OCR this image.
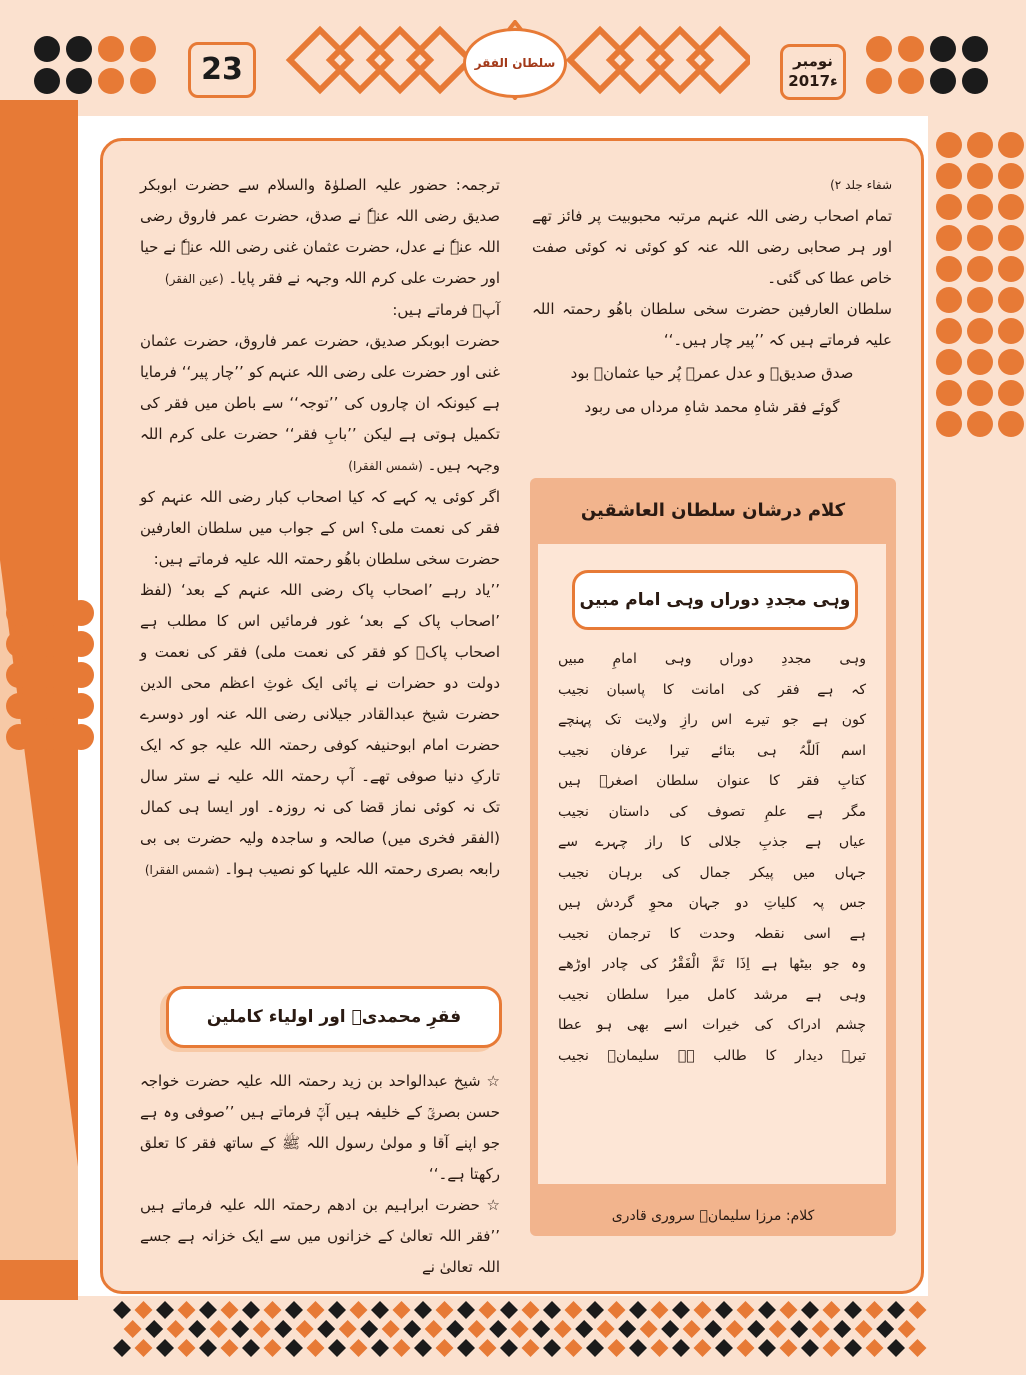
23	نومبر
2017ء
سلطان الفقر

شفاء جلد ۲)

تمام اصحاب رضی اللہ عنہم مرتبہ محبوبیت پر فائز تھے اور ہر صحابی رضی اللہ عنہ کو کوئی نہ کوئی صفت خاص عطا کی گئی۔

سلطان العارفین حضرت سخی سلطان باھُو رحمتہ اللہ علیہ فرماتے ہیں کہ ’’پیر چار ہیں۔‘‘

صدق صدیقؓ و عدل عمرؓ پُر حیا عثمانؓ بود

گوئے فقر شاہِ محمد شاہِ مرداں می ربود

کلام درشان سلطان العاشقین
وہی مجددِ دوراں وہی امام مبیں
وہی مجددِ دوراں وہی امامِ مبیں
کہ ہے فقر کی امانت کا پاسبان نجیب
کون ہے جو تیرے اس رازِ ولایت تک پہنچے
اسم اَللّٰہُ ہی بتائے تیرا عرفان نجیب
کتابِ فقر کا عنوان سلطان اصغرؒ ہیں
مگر ہے علمِ تصوف کی داستان نجیب
عیاں ہے جذبِ جلالی کا راز چہرے سے
جہاں میں پیکر جمال کی برہان نجیب
جس پہ کلیاتِ دو جہان محوِ گردش ہیں
ہے اسی نقطہ وحدت کا ترجمان نجیب
وہ جو بیٹھا ہے اِذَا تَمَّ الْفَقْرُ کی چادر اوڑھے
وہی ہے مرشد کامل میرا سلطان نجیب
چشم ادراک کی خیرات اسے بھی ہو عطا
تیرے دیدار کا طالب ہے سلیمانؔ نجیب
کلام: مرزا سلیمانؔ سروری قادری

ترجمہ: حضور علیہ الصلوٰۃ والسلام سے حضرت ابوبکر صدیق رضی اللہ عنہٗ نے صدق، حضرت عمر فاروق رضی اللہ عنہٗ نے عدل، حضرت عثمان غنی رضی اللہ عنہٗ نے حیا اور حضرت علی کرم اللہ وجہہ نے فقر پایا۔ (عین الفقر)

آپؒ فرماتے ہیں:

حضرت ابوبکر صدیق، حضرت عمر فاروق، حضرت عثمان غنی اور حضرت علی رضی اللہ عنہم کو ’’چار پیر‘‘ فرمایا ہے کیونکہ ان چاروں کی ’’توجہ‘‘ سے باطن میں فقر کی تکمیل ہوتی ہے لیکن ’’بابِ فقر‘‘ حضرت علی کرم اللہ وجہہ ہیں۔ (شمس الفقرا)

اگر کوئی یہ کہے کہ کیا اصحاب کبار رضی اللہ عنہم کو فقر کی نعمت ملی؟ اس کے جواب میں سلطان العارفین حضرت سخی سلطان باھُو رحمتہ اللہ علیہ فرماتے ہیں:

’’یاد رہے ’اصحاب پاک رضی اللہ عنہم کے بعد‘ (لفظ ’اصحاب پاک کے بعد‘ غور فرمائیں اس کا مطلب ہے اصحاب پاکؓ کو فقر کی نعمت ملی) فقر کی نعمت و دولت دو حضرات نے پائی ایک غوثِ اعظم محی الدین حضرت شیخ عبدالقادر جیلانی رضی اللہ عنہ اور دوسرے حضرت امام ابوحنیفہ کوفی رحمتہ اللہ علیہ جو کہ ایک تارکِ دنیا صوفی تھے۔ آپ رحمتہ اللہ علیہ نے ستر سال تک نہ کوئی نماز قضا کی نہ روزہ۔ اور ایسا ہی کمال (الفقر فخری میں) صالحہ و ساجدہ ولیہ حضرت بی بی رابعہ بصری رحمتہ اللہ علیہا کو نصیب ہوا۔ (شمس الفقرا)

فقرِ محمدیؐ اور اولیاء کاملین

☆ شیخ عبدالواحد بن زید رحمتہ اللہ علیہ حضرت خواجہ حسن بصریؒ کے خلیفہ ہیں آپؒ فرماتے ہیں ’’صوفی وہ ہے جو اپنے آقا و مولیٰ رسول اللہ ﷺ کے ساتھ فقر کا تعلق رکھتا ہے۔‘‘

☆ حضرت ابراہیم بن ادھم رحمتہ اللہ علیہ فرماتے ہیں ’’فقر اللہ تعالیٰ کے خزانوں میں سے ایک خزانہ ہے جسے اللہ تعالیٰ نے
